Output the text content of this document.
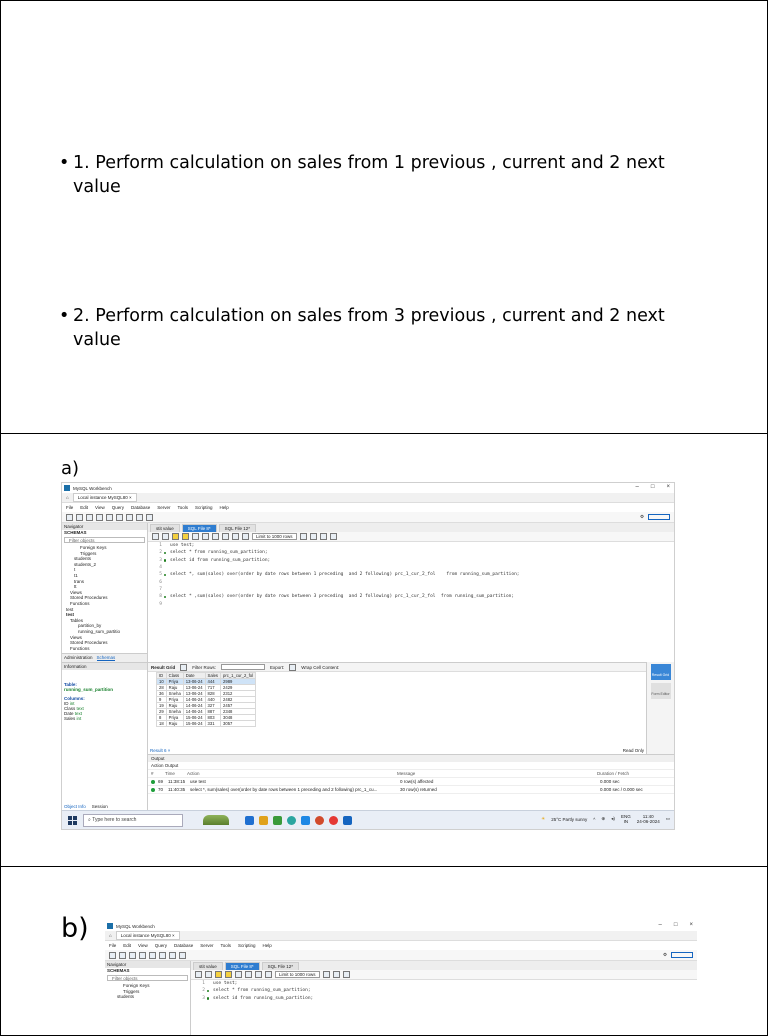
• 1. Perform calculation on sales from 1 previous , current and 2 next value
• 2. Perform calculation on sales from 3 previous , current and 2 next value
a)
MySQL Workbench	– □ ×
⌂	Local instance MySQL80 ×
File Edit View Query Database Server Tools Scripting Help
⚙
Navigator
SCHEMAS
Filter objects
Foreign Keys
Triggers
students
students_2
t
t1
trans
tt
Views
Stored Procedures
Functions
test
test
Tables
partition_by
running_sum_partitio
Views
Stored Procedures
Functions
Administration Schemas
Information
Table:
running_sum_partition
Columns:
ID int
Class text
Date text
Sales int
Object Info Session
stit value	SQL File 8*	SQL File 12*
Limit to 1000 rows
1	use test;
2	select * from running_sum_partition;
3	select id from running_sum_partition;
4
5	select *, sum(sales) over(order by date rows between 1 preceding  and 2 following) prc_1_cur_2_fol    from running_sum_partition;
6
7
8	select * ,sum(sales) over(order by date rows between 3 preceding  and 2 following) prc_1_cur_2_fol  from running_sum_partition;
9
Result Grid	Filter Rows:	Export:	Wrap Cell Content:
ID	Class	Date	Sales	prc_1_cur_2_fol
10	Priya	13-06-24	444	2989
28	Raju	13-06-24	717	2429
36	Sneha	13-06-24	828	2312
9	Priya	14-06-24	440	2482
19	Raju	14-06-24	327	2457
29	Sneha	14-06-24	887	2348
8	Priya	15-06-24	803	3048
18	Raju	15-06-24	331	3057
Result 6 ×	Read Only
Result Grid
Form Editor
Output
Action Output
#	Time	Action	Message	Duration / Fetch
69	11:38:15	use test	0 row(s) affected	0.000 sec
70	11:40:35	select *, sum(sales) over(order by date rows between 1 preceding and 2 following) prc_1_cu...	30 row(s) returned	0.000 sec / 0.000 sec
⌕ Type here to search	☀ 25°C Partly sunny ^ ⊕ ◂) ENG
IN
11:40
24-06-2024
▭
b)	MySQL Workbench	– □ ×
⌂	Local instance MySQL80 ×
File Edit View Query Database Server Tools Scripting Help
⚙
Navigator
SCHEMAS
Filter objects
Foreign Keys
Triggers
students
stit value	SQL File 8*	SQL File 12*
Limit to 1000 rows
1	use test;
2	select * from running_sum_partition;
3	select id from running_sum_partition;
